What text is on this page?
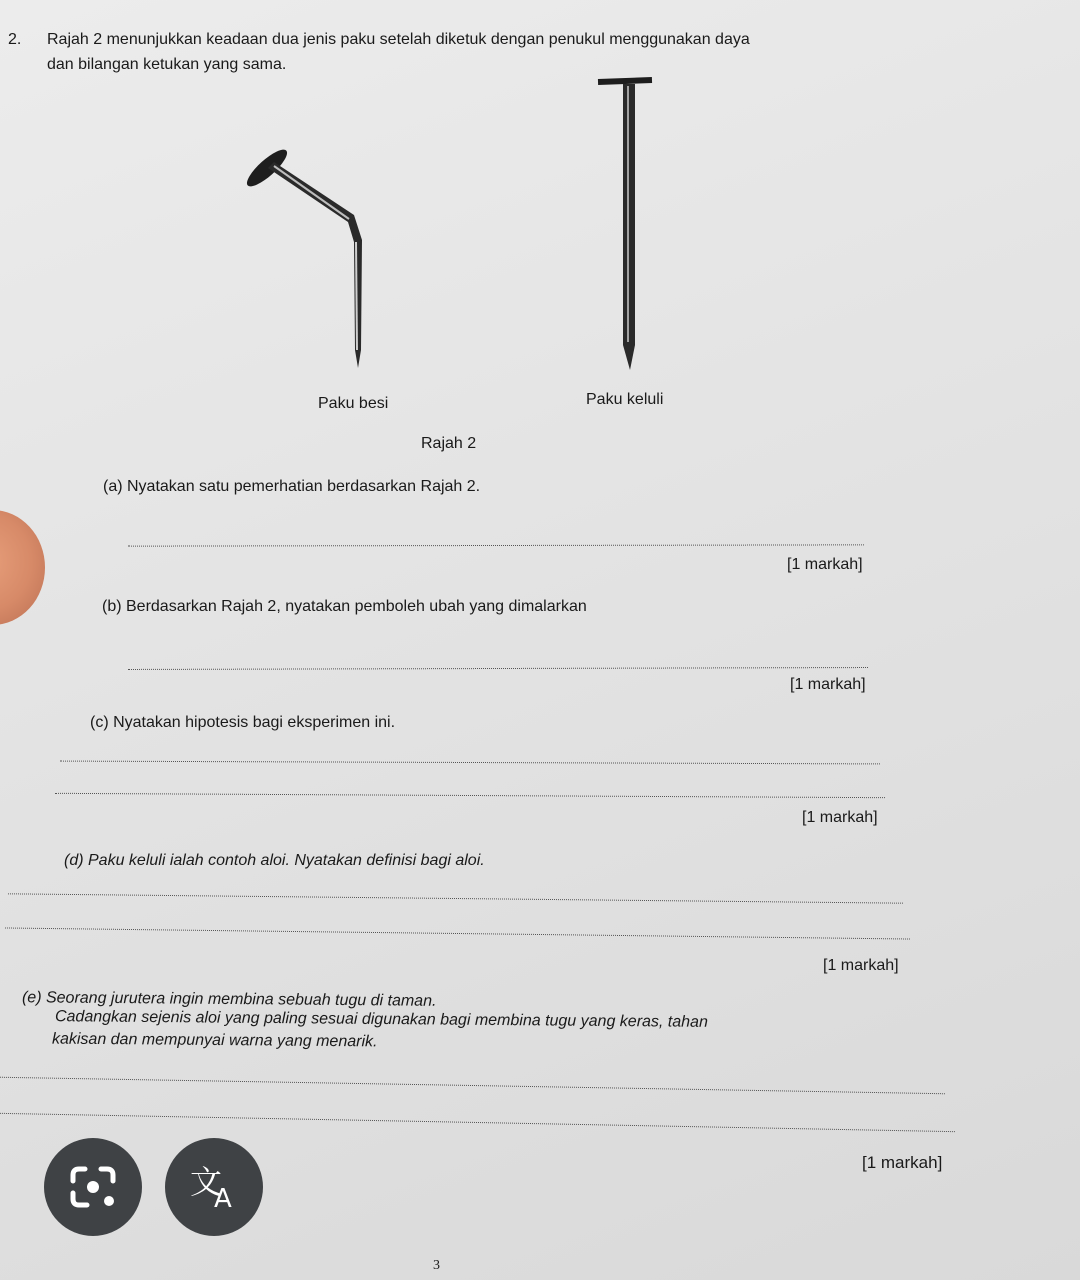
2. Rajah 2 menunjukkan keadaan dua jenis paku setelah diketuk dengan penukul menggunakan daya
dan bilangan ketukan yang sama.
Paku besi	Paku keluli
Rajah 2
(a) Nyatakan satu pemerhatian berdasarkan Rajah 2.
[1 markah]
(b) Berdasarkan Rajah 2, nyatakan pemboleh ubah yang dimalarkan
[1 markah]
(c) Nyatakan hipotesis bagi eksperimen ini.
[1 markah]
(d) Paku keluli ialah contoh aloi. Nyatakan definisi bagi aloi.
[1 markah]
(e) Seorang jurutera ingin membina sebuah tugu di taman.
Cadangkan sejenis aloi yang paling sesuai digunakan bagi membina tugu yang keras, tahan
kakisan dan mempunyai warna yang menarik.
[1 markah]
3
文
A
